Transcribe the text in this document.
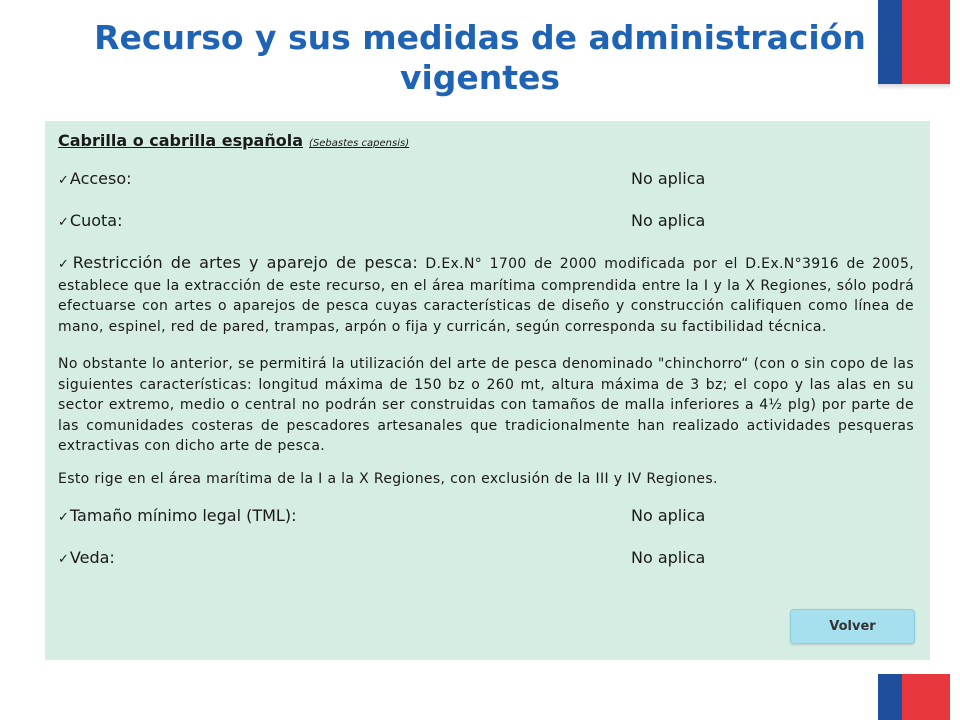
Recurso y sus medidas de administración
vigentes
Cabrilla o cabrilla española (Sebastes capensis)
✓Acceso:	No aplica
✓Cuota:	No aplica
✓Restricción de artes y aparejo de pesca: D.Ex.N° 1700 de 2000 modificada por el D.Ex.N°3916 de 2005, establece que la extracción de este recurso, en el área marítima comprendida entre la I y la X Regiones, sólo podrá efectuarse con artes o aparejos de pesca cuyas características de diseño y construcción califiquen como línea de mano, espinel, red de pared, trampas, arpón o fija y curricán, según corresponda su factibilidad técnica.
No obstante lo anterior, se permitirá la utilización del arte de pesca denominado "chinchorro“ (con o sin copo de las siguientes características: longitud máxima de 150 bz o 260 mt, altura máxima de 3 bz; el copo y las alas en su sector extremo, medio o central no podrán ser construidas con tamaños de malla inferiores a 4½ plg) por parte de las comunidades costeras de pescadores artesanales que tradicionalmente han realizado actividades pesqueras extractivas con dicho arte de pesca.
Esto rige en el área marítima de la I a la X Regiones, con exclusión de la III y IV Regiones.
✓Tamaño mínimo legal (TML):	No aplica
✓Veda:	No aplica
Volver
